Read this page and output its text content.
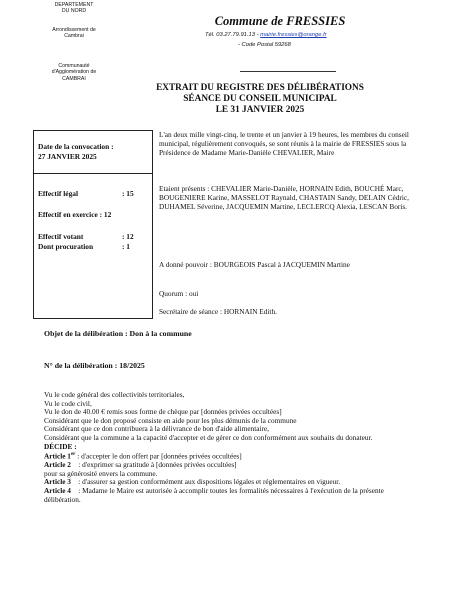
DEPARTEMENT
DU NORD
Arrondissement de
Cambrai
Communauté
d'Agglomération de
CAMBRAI
Commune de FRESSIES
Tél. 03.27.79.91.13 - mairie.fressies@orange.fr
- Code Postal 59268
EXTRAIT DU REGISTRE DES DÉLIBÉRATIONS
SÉANCE DU CONSEIL MUNICIPAL
LE 31 JANVIER 2025
Date de la convocation :
27 JANVIER 2025
Effectif légal	: 15
Effectif en exercice : 12
Effectif votant	: 12
Dont procuration	: 1
L'an deux mille vingt-cinq, le trente et un janvier à 19 heures, les membres du conseil municipal, régulièrement convoqués, se sont réunis à la mairie de FRESSIES sous la Présidence de Madame Marie-Danièle CHEVALIER, Maire
Etaient présents : CHEVALIER Marie-Danièle, HORNAIN Edith, BOUCHÉ Marc, BOUGENIERE Karine, MASSELOT Raynald, CHASTAIN Sandy, DELAIN Cédric, DUHAMEL Séverine, JACQUEMIN Martine, LECLERCQ Alexia, LESCAN Boris.
A donné pouvoir : BOURGEOIS Pascal à JACQUEMIN Martine
Quorum : oui
Secrétaire de séance : HORNAIN Edith.
Objet de la délibération : Don à la commune
N° de la délibération : 18/2025
Vu le code général des collectivités territoriales,
Vu le code civil,
Vu le don de 40.00 € remis sous forme de chèque par [données privées occultées]
Considérant que le don proposé consiste en aide pour les plus démunis de la commune
Considérant que ce don contribuera à la délivrance de bon d'aide alimentaire,
Considérant que la commune a la capacité d'accepter et de gérer ce don conformément aux souhaits du donateur.
DÉCIDE :
Article 1er : d'accepter le don offert par [données privées occultées]
Article 2    : d'exprimer sa gratitude à [données privées occultées]
pour sa générosité envers la commune.
Article 3    : d'assurer sa gestion conformément aux dispositions légales et réglementaires en vigueur.
Article 4    : Madame le Maire est autorisée à accomplir toutes les formalités nécessaires à l'exécution de la présente délibération.
